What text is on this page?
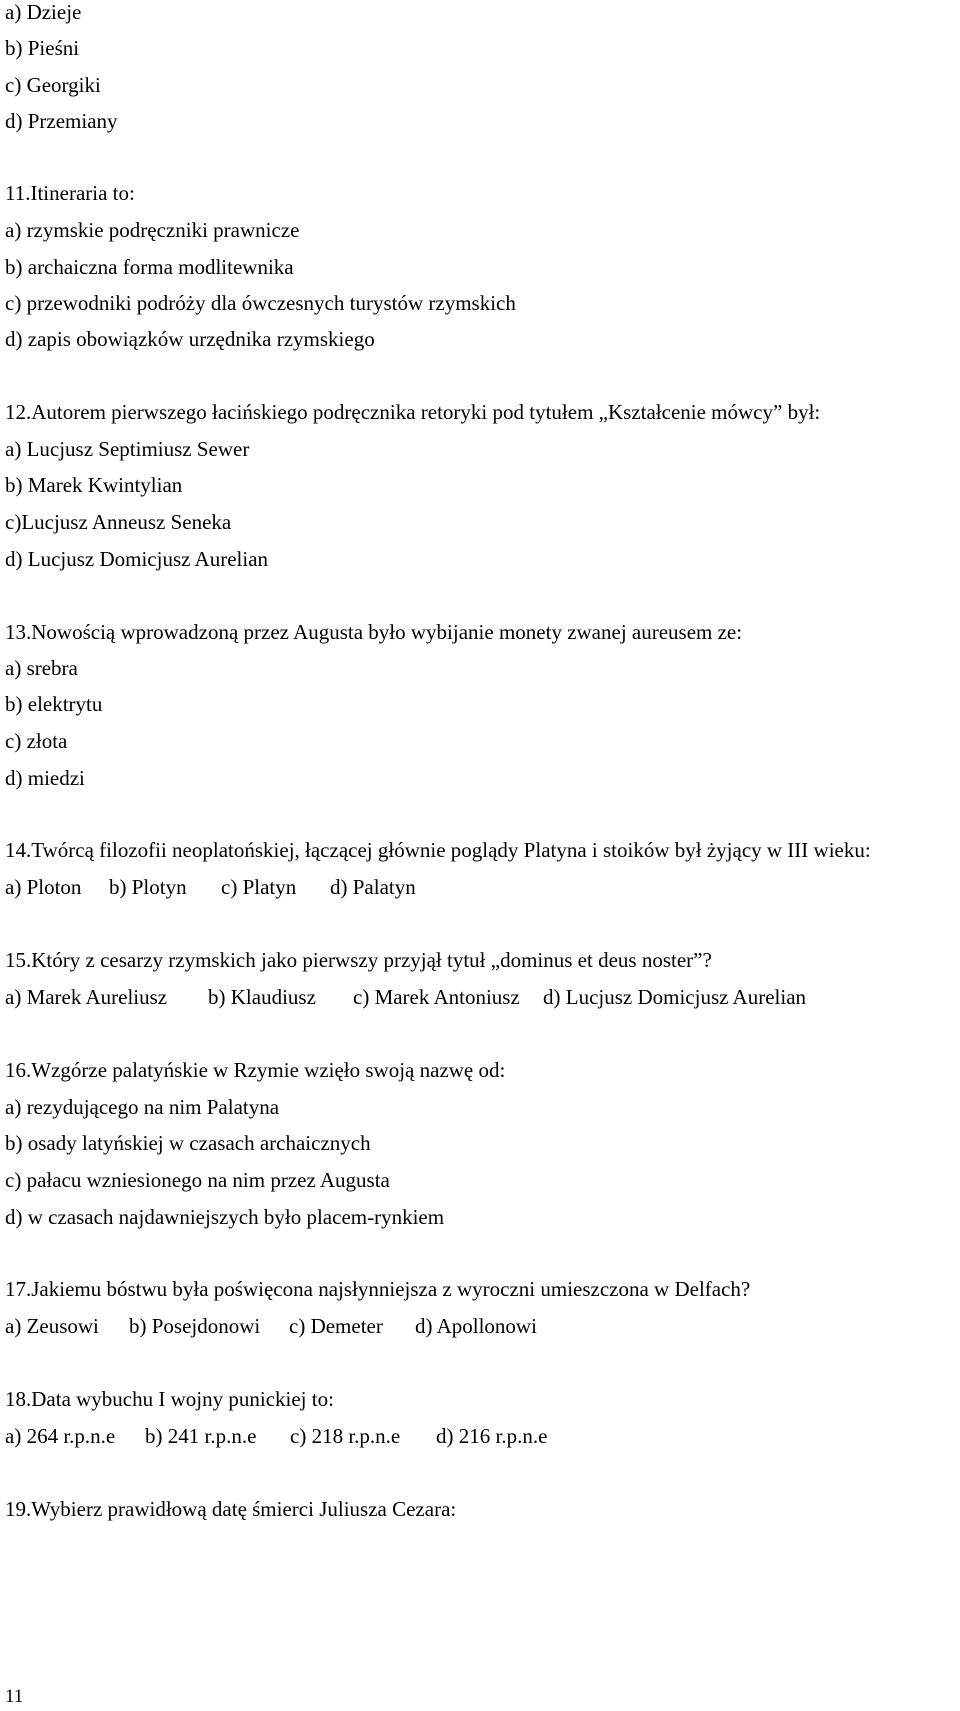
a) Dzieje
b) Pieśni
c) Georgiki
d) Przemiany
11.Itineraria to:
a) rzymskie podręczniki prawnicze
b) archaiczna forma modlitewnika
c) przewodniki podróży dla ówczesnych turystów rzymskich
d) zapis obowiązków urzędnika rzymskiego
12.Autorem pierwszego łacińskiego podręcznika retoryki pod tytułem „Kształcenie mówcy” był:
a) Lucjusz Septimiusz Sewer
b) Marek Kwintylian
c)Lucjusz Anneusz Seneka
d) Lucjusz Domicjusz Aurelian
13.Nowością wprowadzoną przez Augusta było wybijanie monety zwanej aureusem ze:
a) srebra
b) elektrytu
c) złota
d) miedzi
14.Twórcą filozofii neoplatońskiej, łączącej głównie poglądy Platyna i stoików był żyjący w III wieku:
a) Ploton b) Plotyn c) Platyn d) Palatyn
15.Który z cesarzy rzymskich jako pierwszy przyjął tytuł „dominus et deus noster”?
a) Marek Aureliusz b) Klaudiusz c) Marek Antoniusz d) Lucjusz Domicjusz Aurelian
16.Wzgórze palatyńskie w Rzymie wzięło swoją nazwę od:
a) rezydującego na nim Palatyna
b) osady latyńskiej w czasach archaicznych
c) pałacu wzniesionego na nim przez Augusta
d) w czasach najdawniejszych było placem-rynkiem
17.Jakiemu bóstwu była poświęcona najsłynniejsza z wyroczni umieszczona w Delfach?
a) Zeusowi b) Posejdonowi c) Demeter d) Apollonowi
18.Data wybuchu I wojny punickiej to:
a) 264 r.p.n.e b) 241 r.p.n.e c) 218 r.p.n.e d) 216 r.p.n.e
19.Wybierz prawidłową datę śmierci Juliusza Cezara:
11
